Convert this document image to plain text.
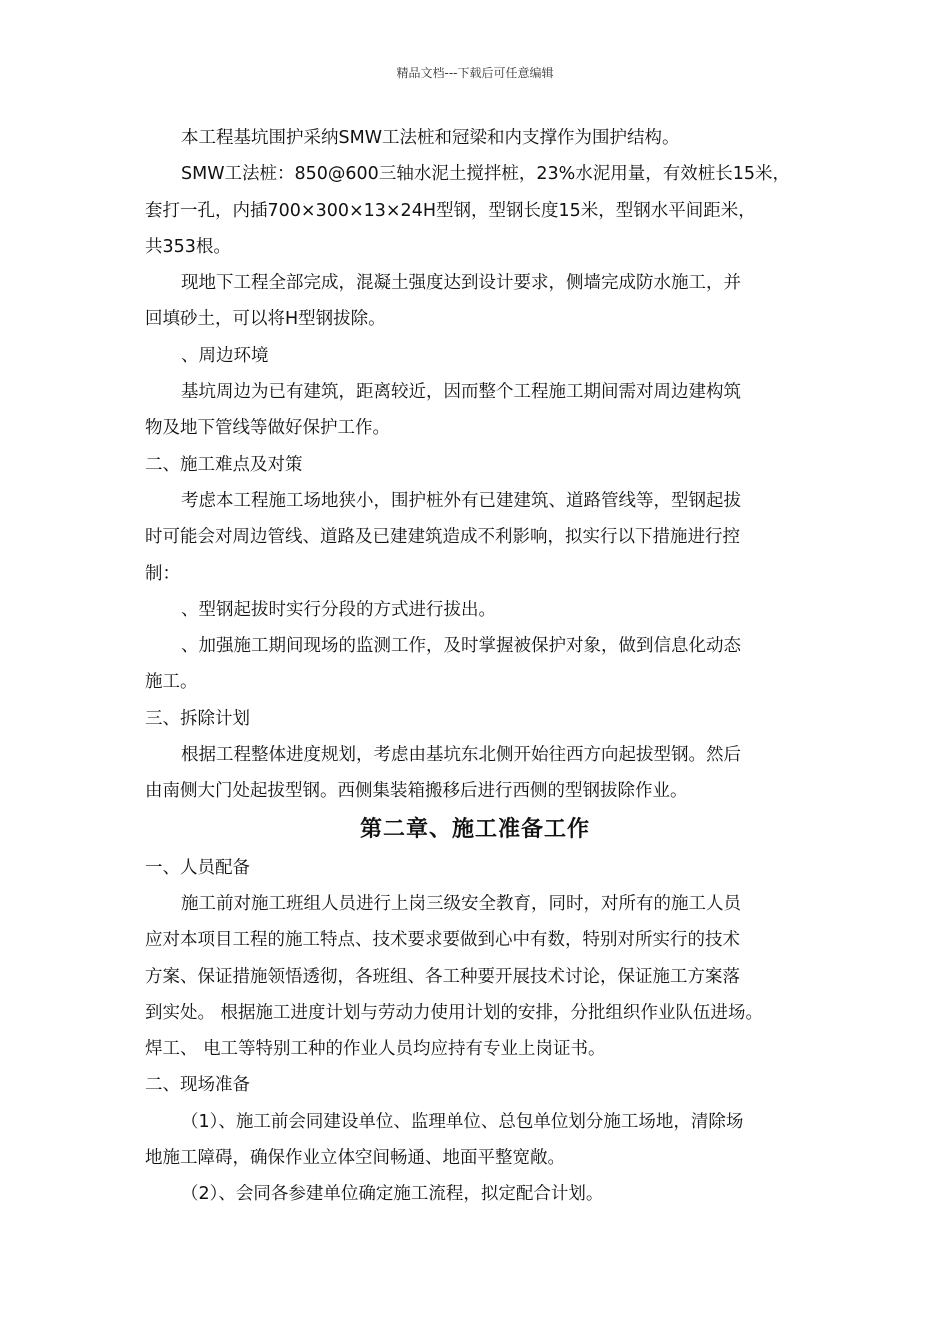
精品文档---下载后可任意编辑
本工程基坑围护采纳SMW工法桩和冠梁和内支撑作为围护结构。
SMW工法桩：850@600三轴水泥土搅拌桩，23%水泥用量，有效桩长15米，
套打一孔，内插700×300×13×24H型钢，型钢长度15米，型钢水平间距米，
共353根。
现地下工程全部完成，混凝土强度达到设计要求，侧墙完成防水施工，并
回填砂土，可以将H型钢拔除。
、周边环境
基坑周边为已有建筑，距离较近，因而整个工程施工期间需对周边建构筑
物及地下管线等做好保护工作。
二、施工难点及对策
考虑本工程施工场地狭小，围护桩外有已建建筑、道路管线等，型钢起拔
时可能会对周边管线、道路及已建建筑造成不利影响，拟实行以下措施进行控
制：
、型钢起拔时实行分段的方式进行拔出。
、加强施工期间现场的监测工作，及时掌握被保护对象，做到信息化动态
施工。
三、拆除计划
根据工程整体进度规划，考虑由基坑东北侧开始往西方向起拔型钢。然后
由南侧大门处起拔型钢。西侧集装箱搬移后进行西侧的型钢拔除作业。
第二章、施工准备工作
一、人员配备
施工前对施工班组人员进行上岗三级安全教育，同时，对所有的施工人员
应对本项目工程的施工特点、技术要求要做到心中有数，特别对所实行的技术
方案、保证措施领悟透彻，各班组、各工种要开展技术讨论，保证施工方案落
到实处。 根据施工进度计划与劳动力使用计划的安排，分批组织作业队伍进场。
焊工、 电工等特别工种的作业人员均应持有专业上岗证书。
二、现场准备
（1）、施工前会同建设单位、监理单位、总包单位划分施工场地，清除场
地施工障碍，确保作业立体空间畅通、地面平整宽敞。
（2）、会同各参建单位确定施工流程，拟定配合计划。
